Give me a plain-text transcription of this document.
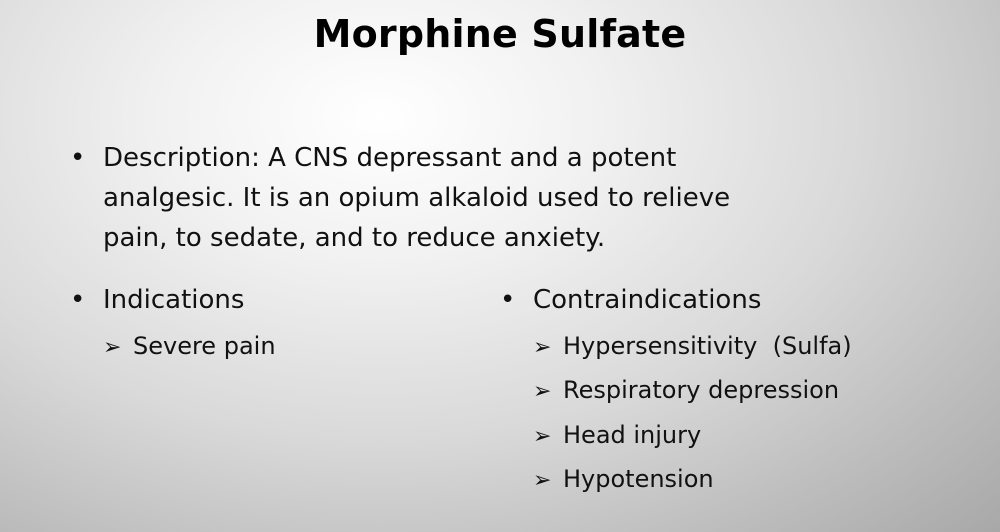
Morphine Sulfate
• Description: A CNS depressant and a potent
analgesic. It is an opium alkaloid used to relieve
pain, to sedate, and to reduce anxiety.
• Indications
➢ Severe pain
• Contraindications
➢ Hypersensitivity  (Sulfa)
➢ Respiratory depression
➢ Head injury
➢ Hypotension
